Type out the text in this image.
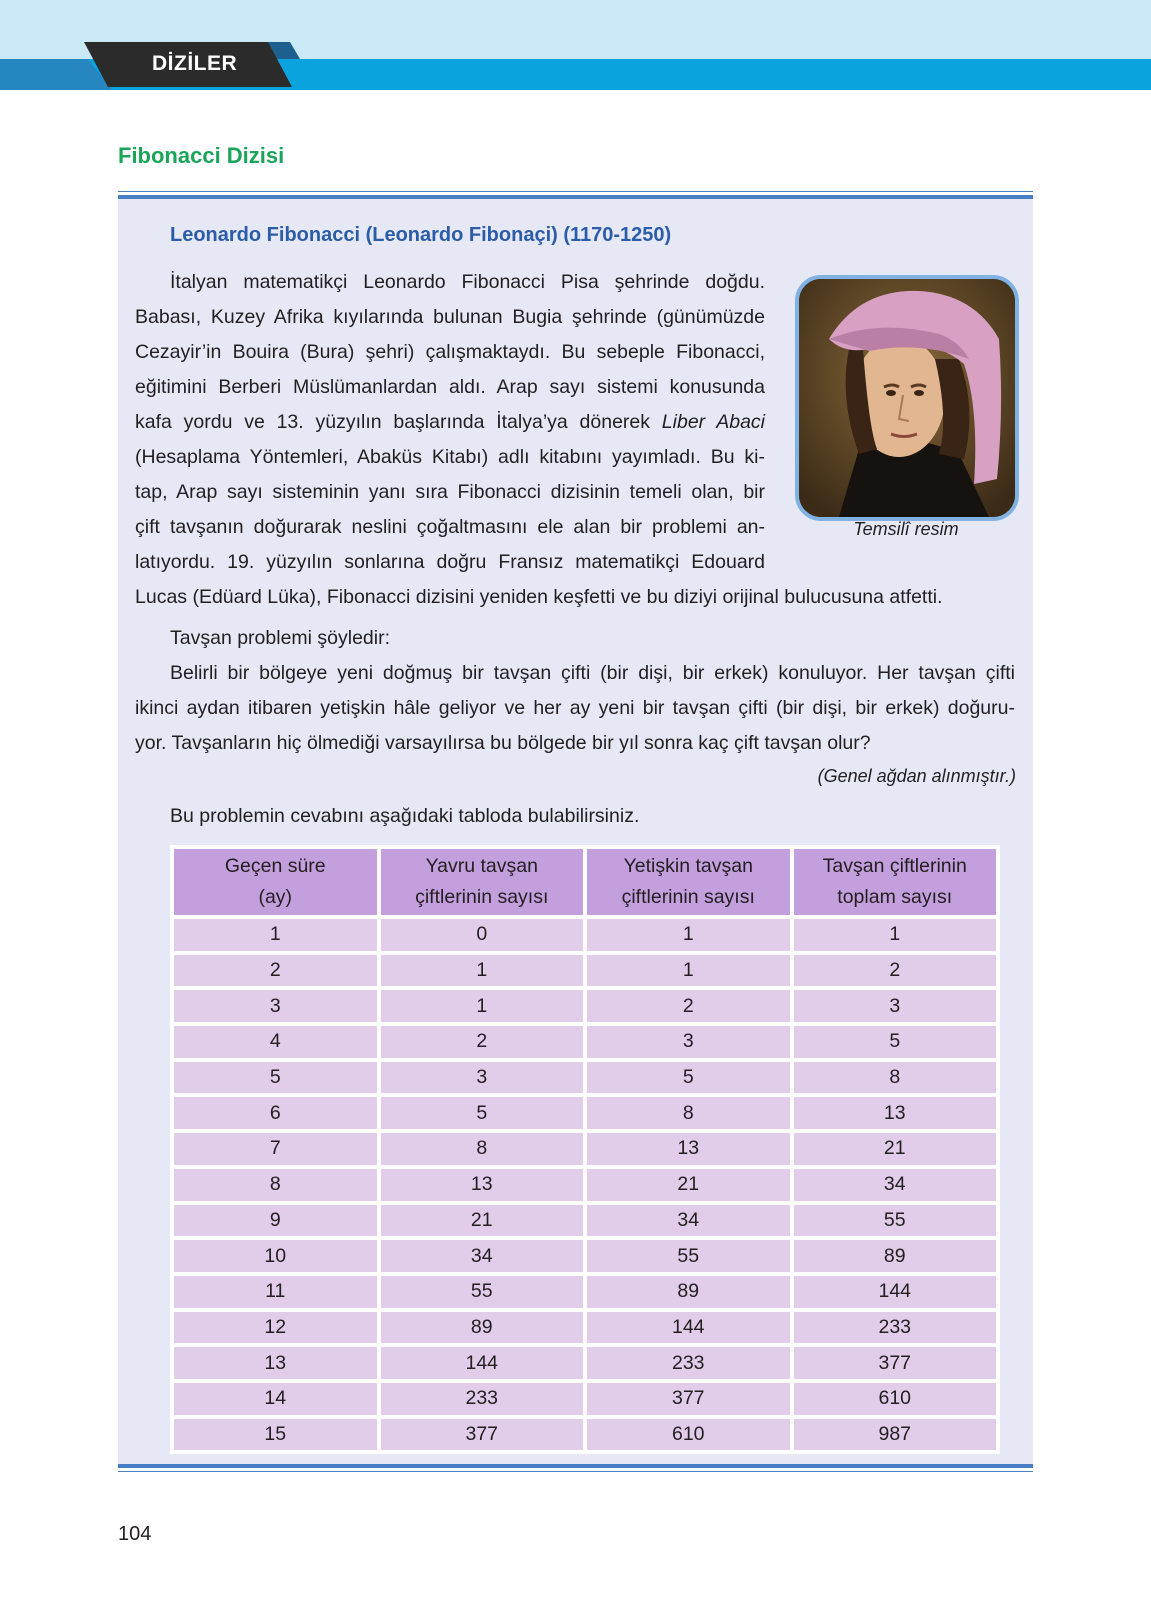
DİZİLER
Fibonacci Dizisi
Leonardo Fibonacci (Leonardo Fibonaçi) (1170-1250)
İtalyan matematikçi Leonardo Fibonacci Pisa şehrinde doğdu.
Babası, Kuzey Afrika kıyılarında bulunan Bugia şehrinde (günümüzde
Cezayir’in Bouira (Bura) şehri) çalışmaktaydı. Bu sebeple Fibonacci,
eğitimini Berberi Müslümanlardan aldı. Arap sayı sistemi konusunda
kafa yordu ve 13. yüzyılın başlarında İtalya’ya dönerek Liber Abaci
(Hesaplama Yöntemleri, Abaküs Kitabı) adlı kitabını yayımladı. Bu ki-
tap, Arap sayı sisteminin yanı sıra Fibonacci dizisinin temeli olan, bir
çift tavşanın doğurarak neslini çoğaltmasını ele alan bir problemi an-
latıyordu. 19. yüzyılın sonlarına doğru Fransız matematikçi Edouard
Lucas (Edüard Lüka), Fibonacci dizisini yeniden keşfetti ve bu diziyi orijinal bulucusuna atfetti.
Temsilî resim
Tavşan problemi şöyledir:
Belirli bir bölgeye yeni doğmuş bir tavşan çifti (bir dişi, bir erkek) konuluyor. Her tavşan çifti
ikinci aydan itibaren yetişkin hâle geliyor ve her ay yeni bir tavşan çifti (bir dişi, bir erkek) doğuru-
yor. Tavşanların hiç ölmediği varsayılırsa bu bölgede bir yıl sonra kaç çift tavşan olur?
(Genel ağdan alınmıştır.)
Bu problemin cevabını aşağıdaki tabloda bulabilirsiniz.
Geçen süre
(ay)	Yavru tavşan
çiftlerinin sayısı	Yetişkin tavşan
çiftlerinin sayısı	Tavşan çiftlerinin
toplam sayısı
1	0	1	1
2	1	1	2
3	1	2	3
4	2	3	5
5	3	5	8
6	5	8	13
7	8	13	21
8	13	21	34
9	21	34	55
10	34	55	89
11	55	89	144
12	89	144	233
13	144	233	377
14	233	377	610
15	377	610	987
104
